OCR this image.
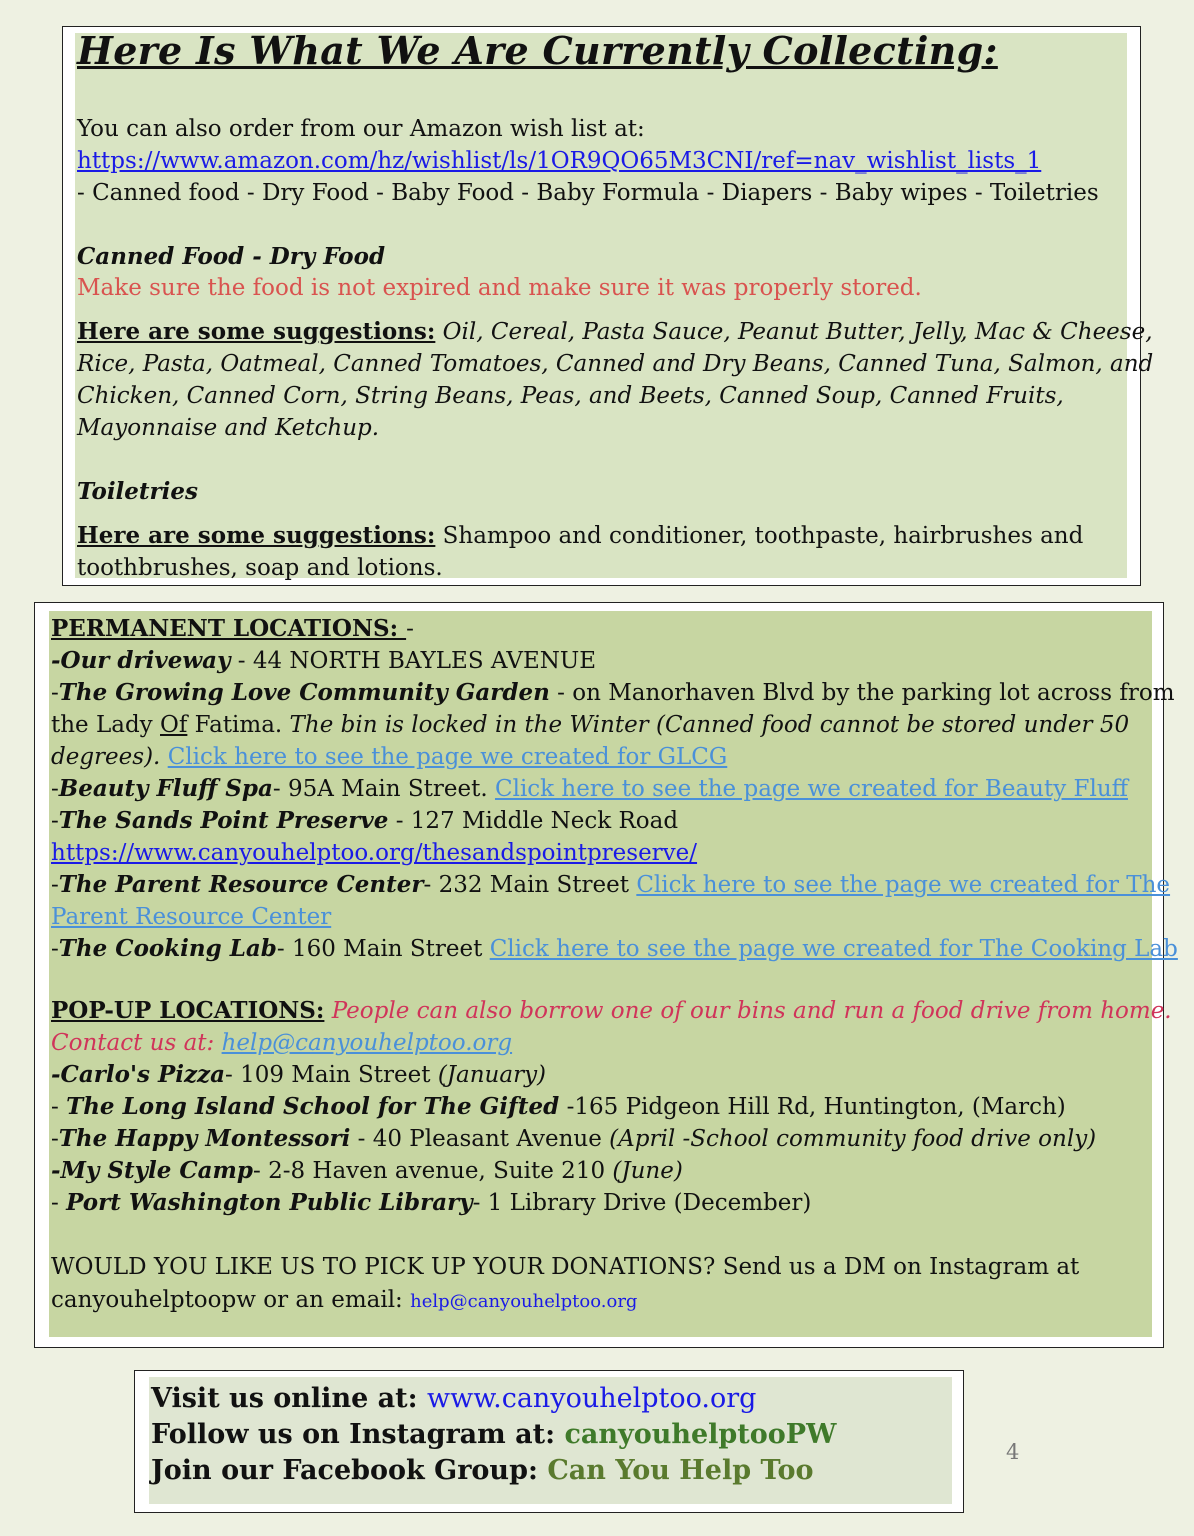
Here Is What We Are Currently Collecting:
You can also order from our Amazon wish list at:
https://www.amazon.com/hz/wishlist/ls/1OR9QO65M3CNI/ref=nav_wishlist_lists_1
- Canned food - Dry Food - Baby Food - Baby Formula - Diapers - Baby wipes - Toiletries
Canned Food - Dry Food
Make sure the food is not expired and make sure it was properly stored.
Here are some suggestions: Oil, Cereal, Pasta Sauce, Peanut Butter, Jelly, Mac & Cheese,
Rice, Pasta, Oatmeal, Canned Tomatoes, Canned and Dry Beans, Canned Tuna, Salmon, and
Chicken, Canned Corn, String Beans, Peas, and Beets, Canned Soup, Canned Fruits,
Mayonnaise and Ketchup.
Toiletries
Here are some suggestions: Shampoo and conditioner, toothpaste, hairbrushes and
toothbrushes, soap and lotions.
PERMANENT LOCATIONS: -
-Our driveway - 44 NORTH BAYLES AVENUE
-The Growing Love Community Garden - on Manorhaven Blvd by the parking lot across from
the Lady Of Fatima. The bin is locked in the Winter (Canned food cannot be stored under 50
degrees). Click here to see the page we created for GLCG
-Beauty Fluff Spa- 95A Main Street. Click here to see the page we created for Beauty Fluff
-The Sands Point Preserve - 127 Middle Neck Road
https://www.canyouhelptoo.org/thesandspointpreserve/
-The Parent Resource Center- 232 Main Street Click here to see the page we created for The
Parent Resource Center
-The Cooking Lab- 160 Main Street Click here to see the page we created for The Cooking Lab
POP-UP LOCATIONS: People can also borrow one of our bins and run a food drive from home.
Contact us at: help@canyouhelptoo.org
-Carlo's Pizza- 109 Main Street (January)
- The Long Island School for The Gifted -165 Pidgeon Hill Rd, Huntington, (March)
-The Happy Montessori - 40 Pleasant Avenue (April -School community food drive only)
-My Style Camp- 2-8 Haven avenue, Suite 210 (June)
- Port Washington Public Library- 1 Library Drive (December)
WOULD YOU LIKE US TO PICK UP YOUR DONATIONS? Send us a DM on Instagram at
canyouhelptoopw or an email: help@canyouhelptoo.org
Visit us online at: www.canyouhelptoo.org
Follow us on Instagram at: canyouhelptooPW
Join our Facebook Group: Can You Help Too
4
